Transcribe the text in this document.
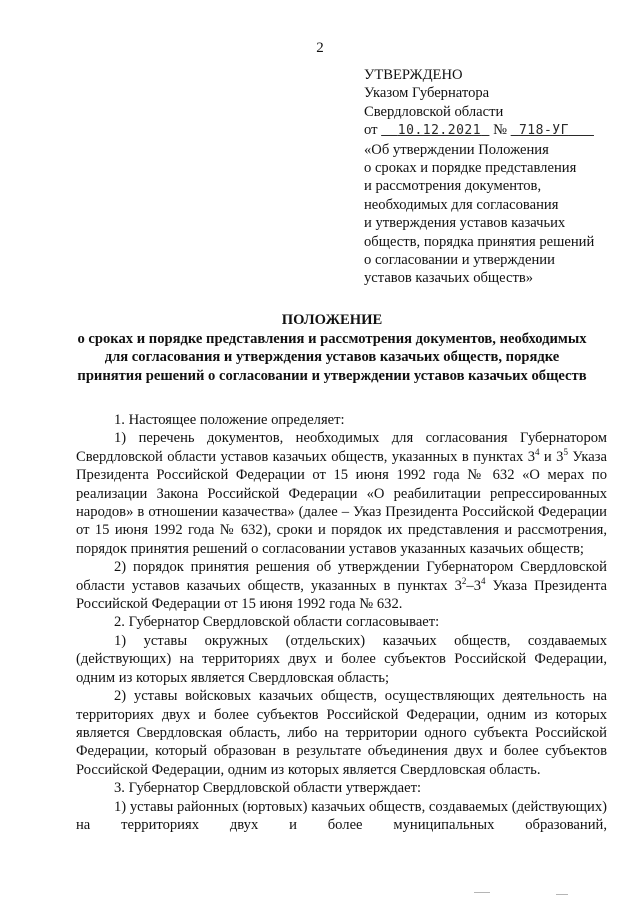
2
УТВЕРЖДЕНО
Указом Губернатора
Свердловской области
от 10.12.2021 № 718-УГ
«Об утверждении Положения
о сроках и порядке представления
и рассмотрения документов,
необходимых для согласования
и утверждения уставов казачьих
обществ, порядка принятия решений
о согласовании и утверждении
уставов казачьих обществ»
ПОЛОЖЕНИЕ
о сроках и порядке представления и рассмотрения документов, необходимых
для согласования и утверждения уставов казачьих обществ, порядке
принятия решений о согласовании и утверждении уставов казачьих обществ

1. Настоящее положение определяет:

1) перечень документов, необходимых для согласования Губернатором Свердловской области уставов казачьих обществ, указанных в пунктах $3^4$ и $3^5$ Указа Президента Российской Федерации от 15 июня 1992 года № 632 «О мерах по реализации Закона Российской Федерации «О реабилитации репрессированных народов» в отношении казачества» (далее – Указ Президента Российской Федерации от 15 июня 1992 года № 632), сроки и порядок их представления и рассмотрения, порядок принятия решений о согласовании уставов указанных казачьих обществ;

2) порядок принятия решения об утверждении Губернатором Свердловской области уставов казачьих обществ, указанных в пунктах $3^2-3^4$ Указа Президента Российской Федерации от 15 июня 1992 года № 632.

2. Губернатор Свердловской области согласовывает:

1) уставы окружных (отдельских) казачьих обществ, создаваемых (действующих) на территориях двух и более субъектов Российской Федерации, одним из которых является Свердловская область;

2) уставы войсковых казачьих обществ, осуществляющих деятельность на территориях двух и более субъектов Российской Федерации, одним из которых является Свердловская область, либо на территории одного субъекта Российской Федерации, который образован в результате объединения двух и более субъектов Российской Федерации, одним из которых является Свердловская область.

3. Губернатор Свердловской области утверждает:

1) уставы районных (юртовых) казачьих обществ, создаваемых (действующих) на территориях двух и более муниципальных образований,
